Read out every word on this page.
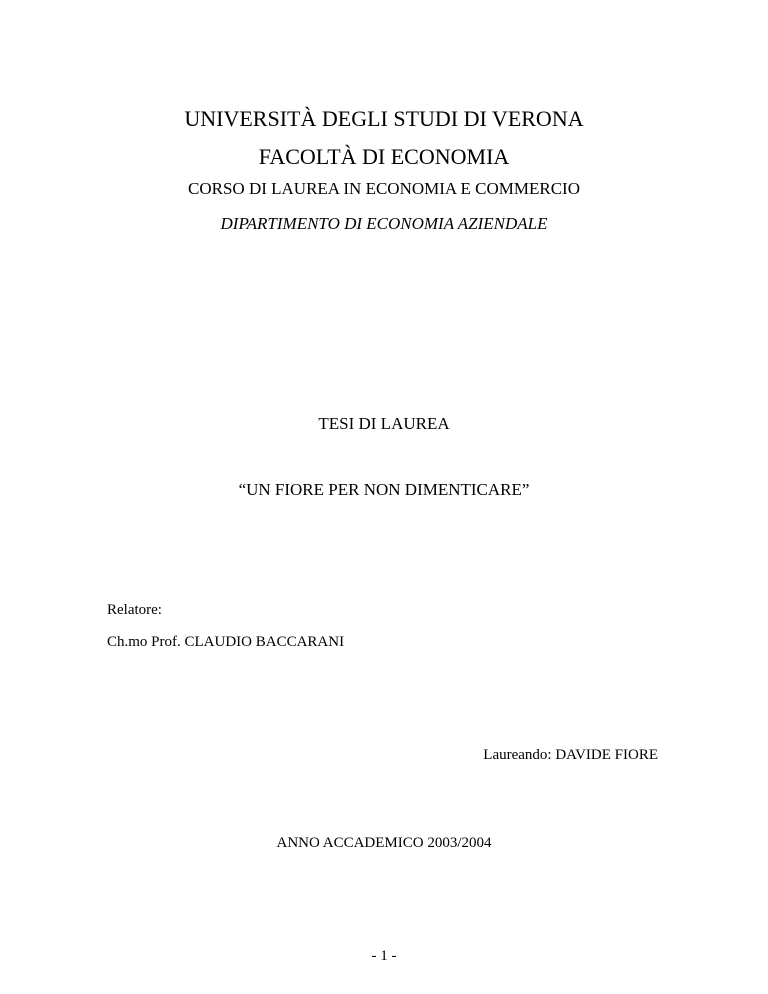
UNIVERSITÀ DEGLI STUDI DI VERONA
FACOLTÀ DI ECONOMIA
CORSO DI LAUREA IN ECONOMIA E COMMERCIO
DIPARTIMENTO DI ECONOMIA AZIENDALE
TESI DI LAUREA
“UN FIORE PER NON DIMENTICARE”
Relatore:
Ch.mo Prof. CLAUDIO BACCARANI
Laureando: DAVIDE FIORE
ANNO ACCADEMICO 2003/2004
- 1 -
